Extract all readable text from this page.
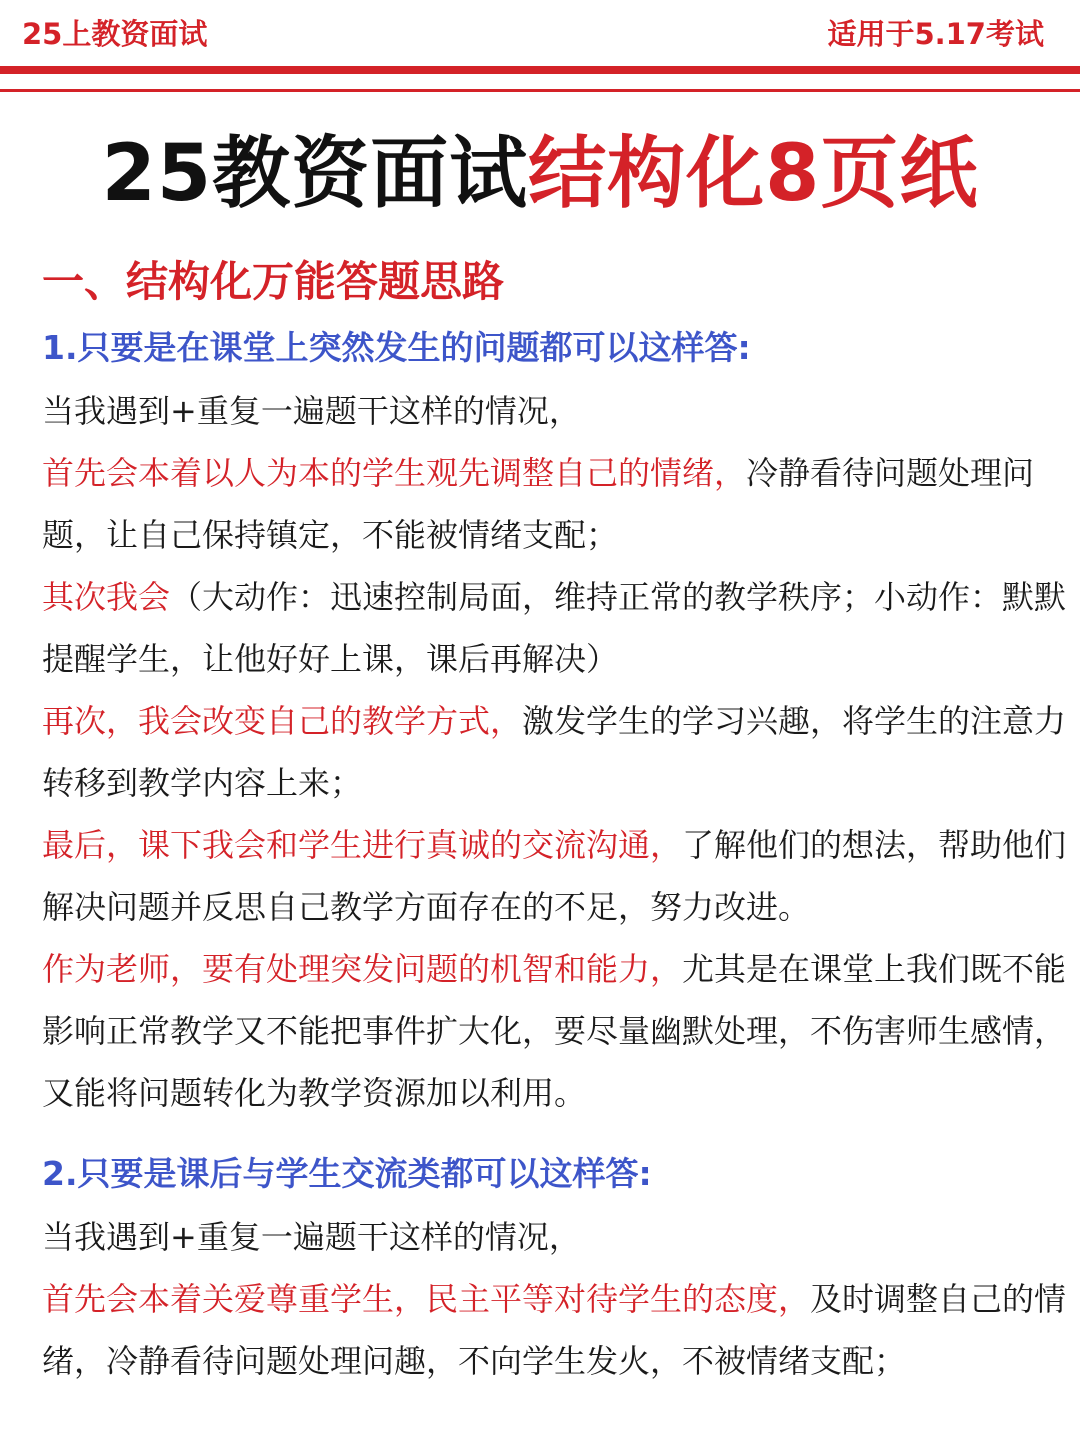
25上教资面试	适用于5.17考试
25教资面试结构化8页纸
一、结构化万能答题思路
1.只要是在课堂上突然发生的问题都可以这样答:

当我遇到+重复一遍题干这样的情况，

首先会本着以人为本的学生观先调整自己的情绪，冷静看待问题处理问题，让自己保持镇定，不能被情绪支配；

其次我会（大动作：迅速控制局面，维持正常的教学秩序；小动作：默默提醒学生，让他好好上课，课后再解决）

再次，我会改变自己的教学方式，激发学生的学习兴趣，将学生的注意力转移到教学内容上来；

最后，课下我会和学生进行真诚的交流沟通，了解他们的想法，帮助他们解决问题并反思自己教学方面存在的不足，努力改进。

作为老师，要有处理突发问题的机智和能力，尤其是在课堂上我们既不能影响正常教学又不能把事件扩大化，要尽量幽默处理，不伤害师生感情，又能将问题转化为教学资源加以利用。

2.只要是课后与学生交流类都可以这样答:

当我遇到+重复一遍题干这样的情况，

首先会本着关爱尊重学生，民主平等对待学生的态度，及时调整自己的情绪，冷静看待问题处理问趣，不向学生发火，不被情绪支配；
